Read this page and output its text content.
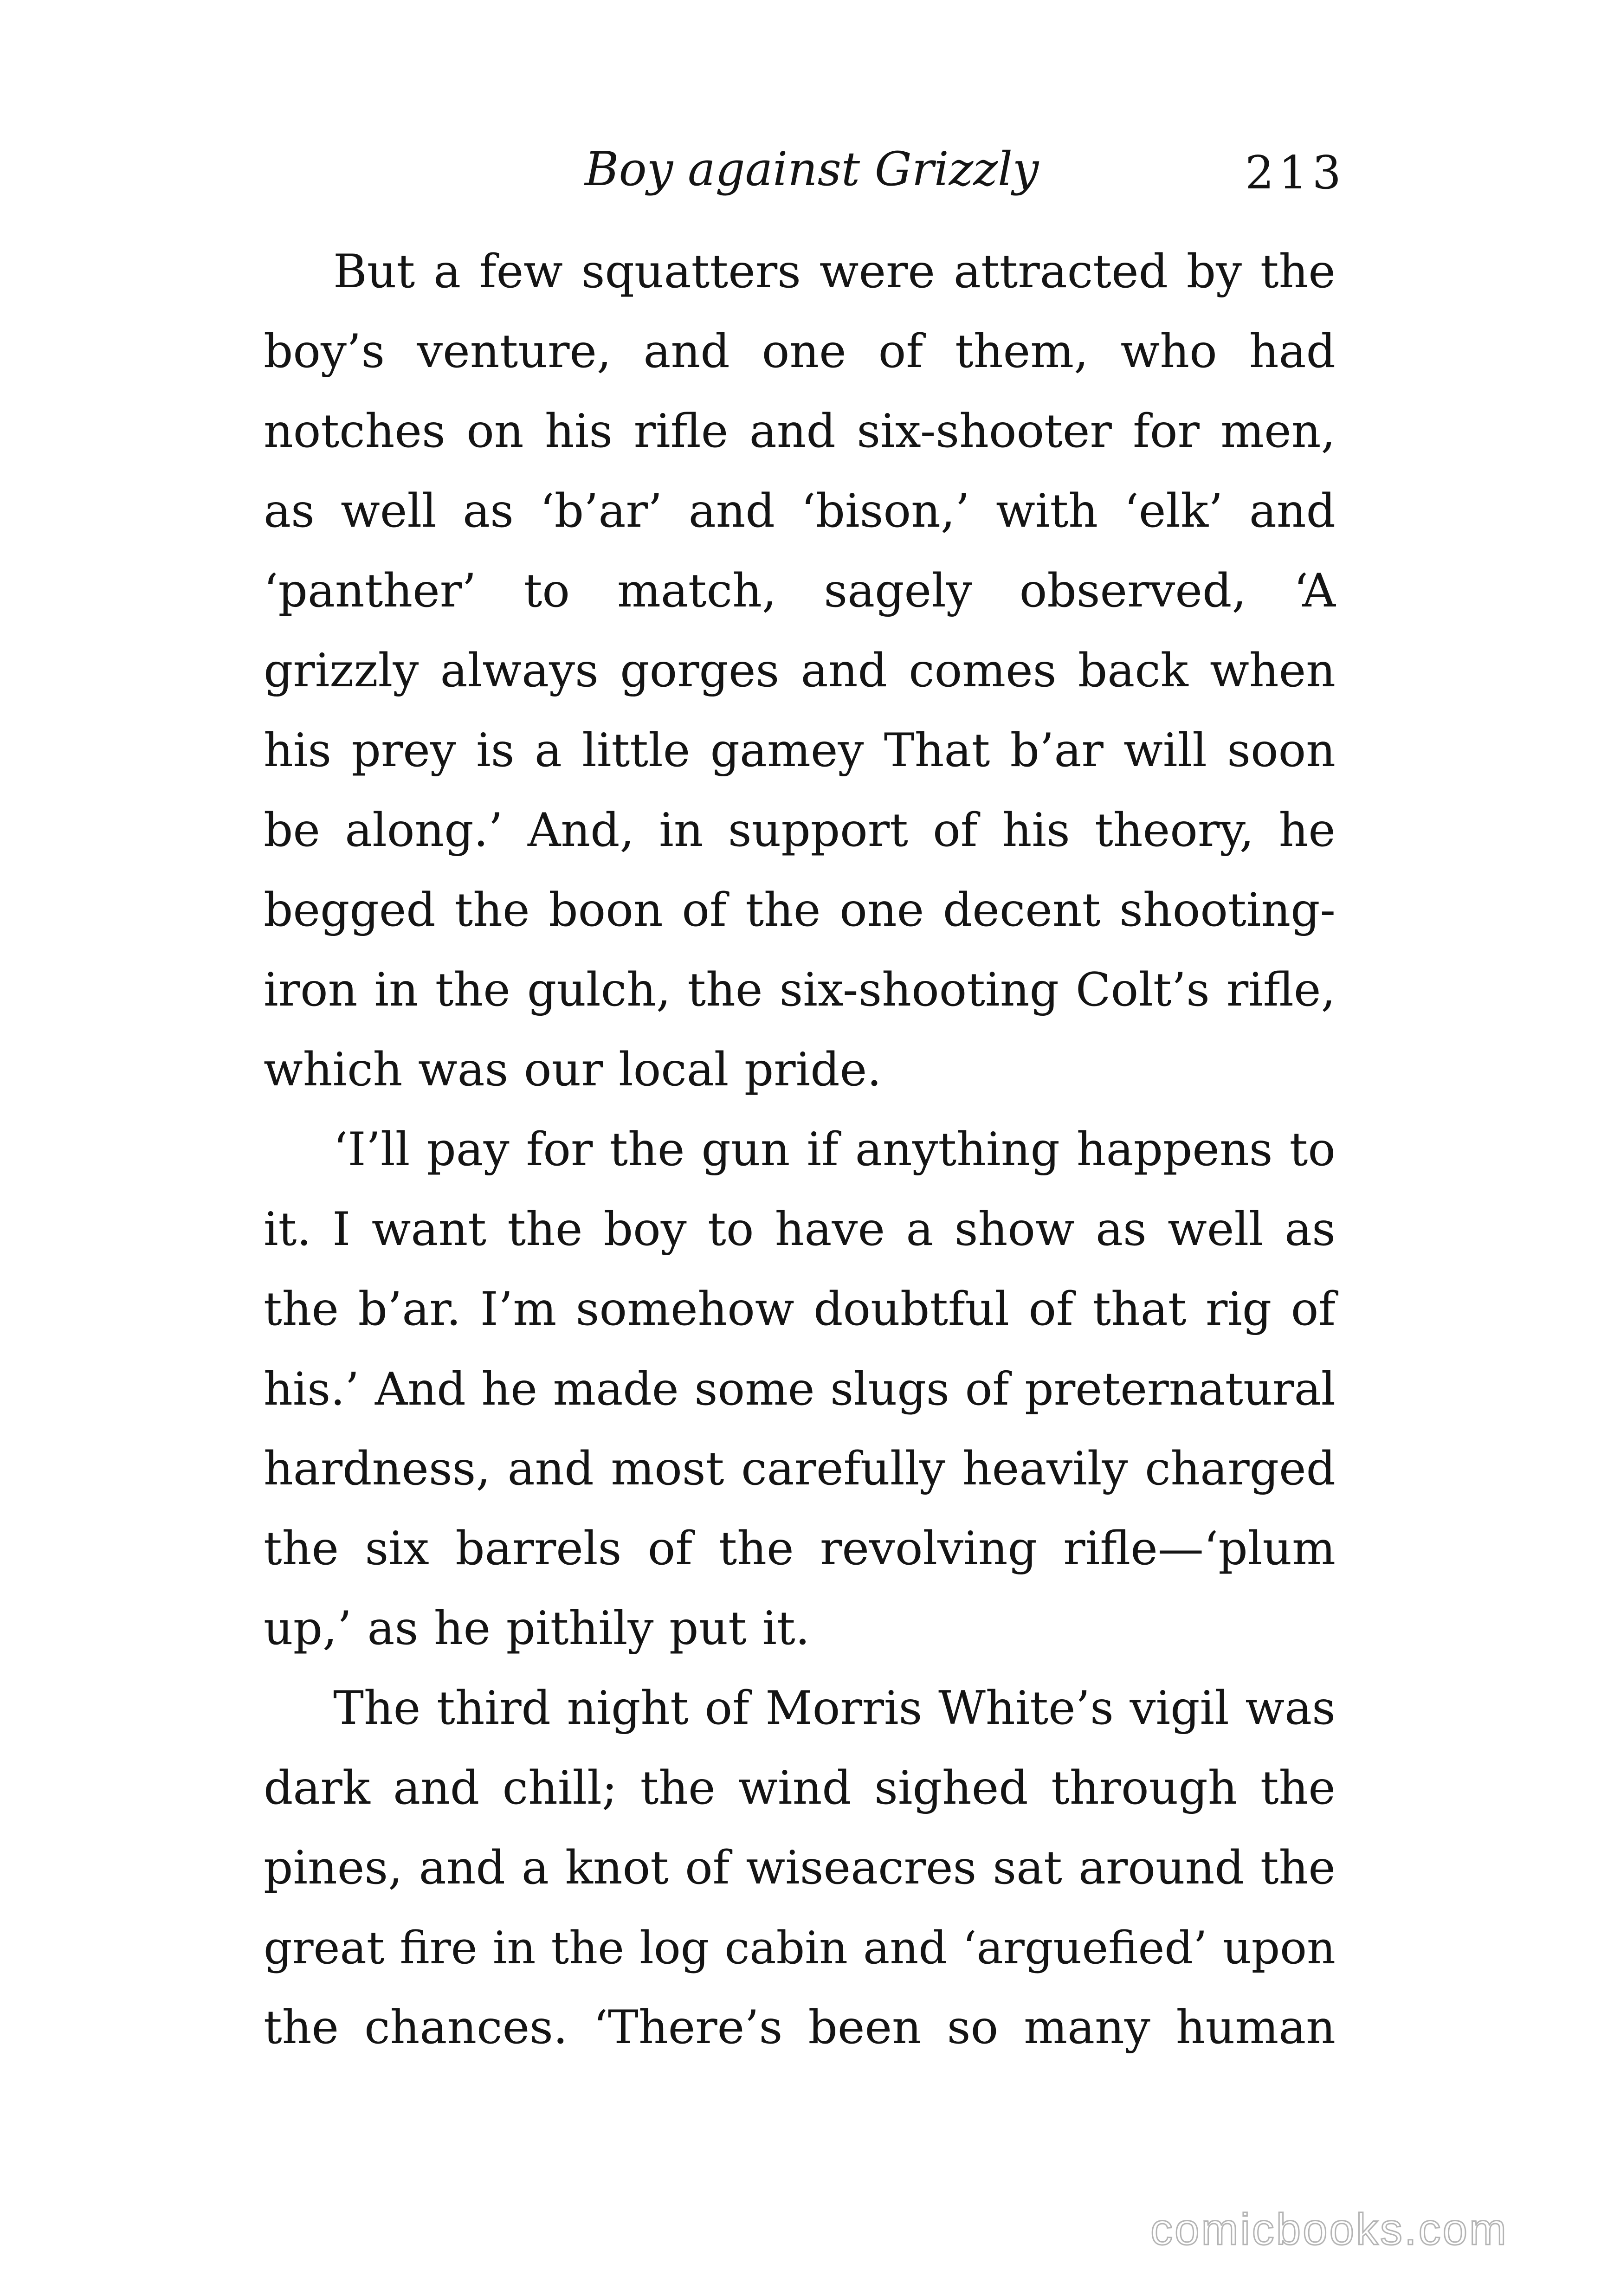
Boy against Grizzly	213

But a few squatters were attracted by the
boy’s venture, and one of them, who had
notches on his rifle and six-shooter for men,
as well as ‘b’ar’ and ‘bison,’ with ‘elk’ and
‘panther’ to match, sagely observed, ‘A
grizzly always gorges and comes back when
his prey is a little gamey That b’ar will soon
be along.’ And, in support of his theory, he
begged the boon of the one decent shooting-
iron in the gulch, the six-shooting Colt’s rifle,
which was our local pride.

‘I’ll pay for the gun if anything happens to
it. I want the boy to have a show as well as
the b’ar. I’m somehow doubtful of that rig of
his.’ And he made some slugs of preternatural
hardness, and most carefully heavily charged
the six barrels of the revolving rifle—‘plum
up,’ as he pithily put it.

The third night of Morris White’s vigil was
dark and chill; the wind sighed through the
pines, and a knot of wiseacres sat around the
great fire in the log cabin and ‘arguefied’ upon
the chances. ‘There’s been so many human

comicbooks.com
